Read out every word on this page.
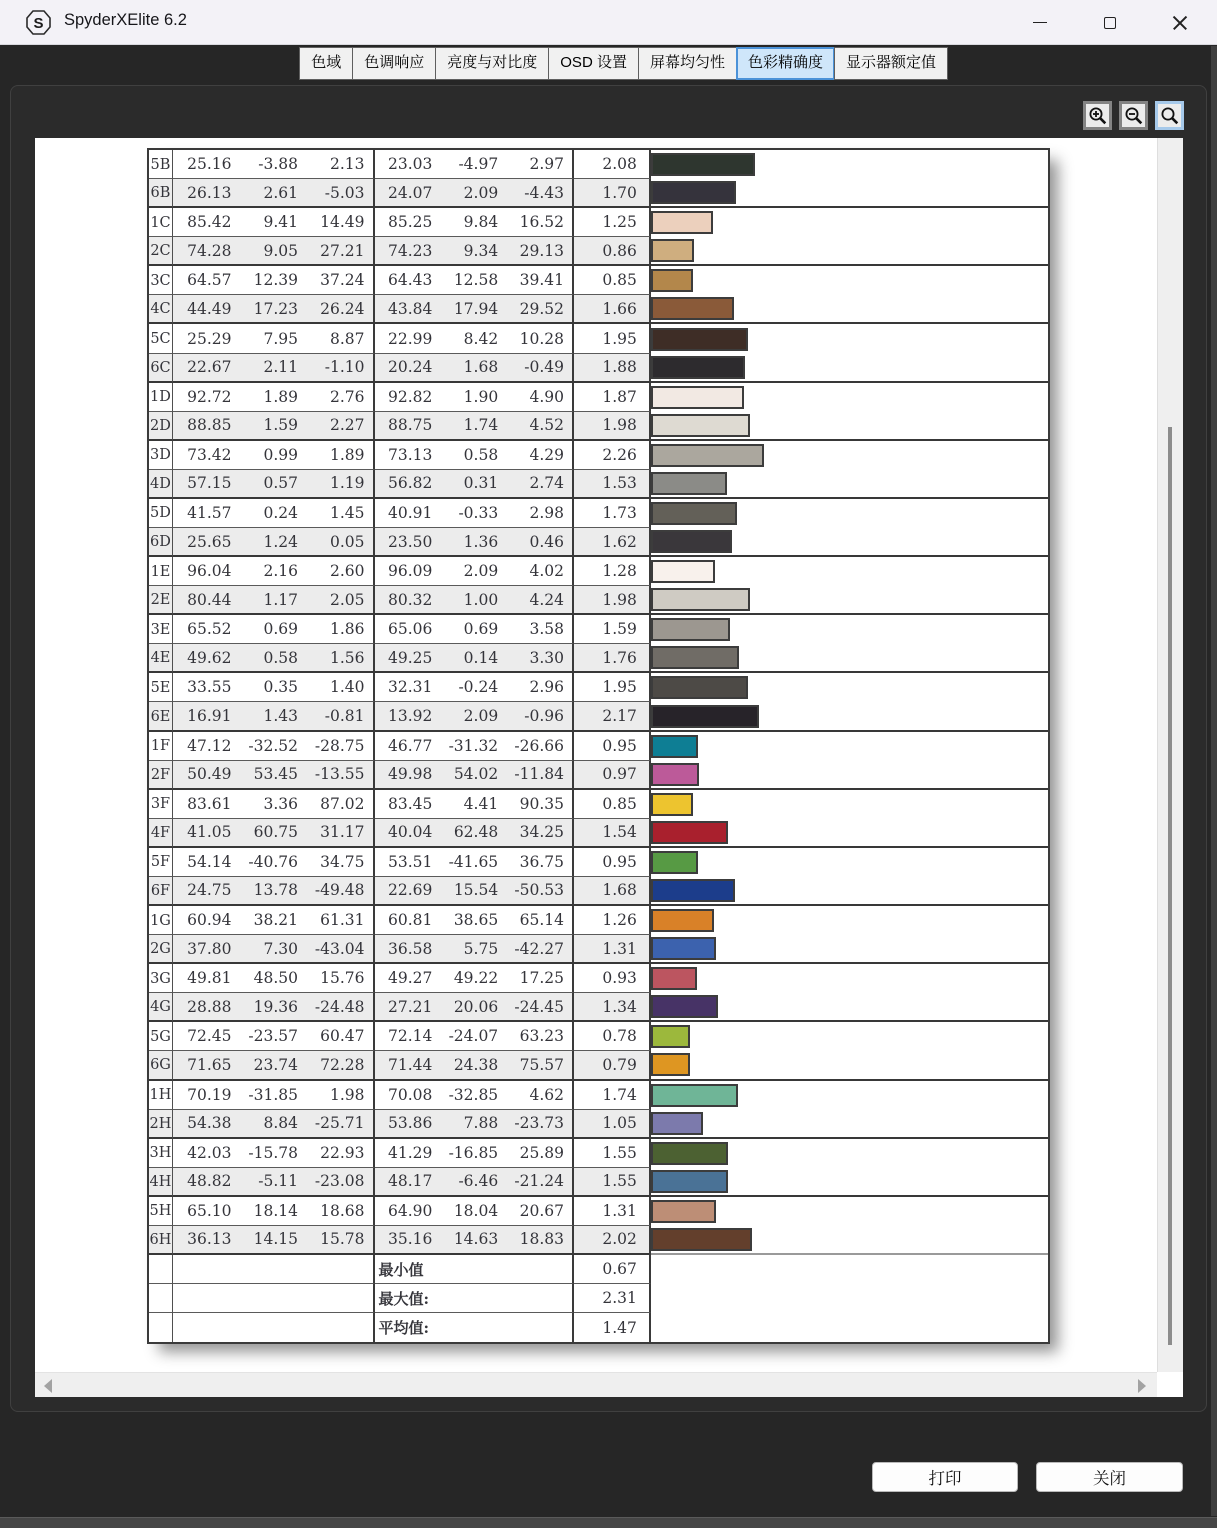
S SpyderXElite 6.2
色域	色调响应	亮度与对比度	OSD 设置	屏幕均匀性	色彩精确度	显示器额定值
5B	25.16	-3.88	2.13	23.03	-4.97	2.97	2.08
6B	26.13	2.61	-5.03	24.07	2.09	-4.43	1.70
1C	85.42	9.41	14.49	85.25	9.84	16.52	1.25
2C	74.28	9.05	27.21	74.23	9.34	29.13	0.86
3C	64.57	12.39	37.24	64.43	12.58	39.41	0.85
4C	44.49	17.23	26.24	43.84	17.94	29.52	1.66
5C	25.29	7.95	8.87	22.99	8.42	10.28	1.95
6C	22.67	2.11	-1.10	20.24	1.68	-0.49	1.88
1D	92.72	1.89	2.76	92.82	1.90	4.90	1.87
2D	88.85	1.59	2.27	88.75	1.74	4.52	1.98
3D	73.42	0.99	1.89	73.13	0.58	4.29	2.26
4D	57.15	0.57	1.19	56.82	0.31	2.74	1.53
5D	41.57	0.24	1.45	40.91	-0.33	2.98	1.73
6D	25.65	1.24	0.05	23.50	1.36	0.46	1.62
1E	96.04	2.16	2.60	96.09	2.09	4.02	1.28
2E	80.44	1.17	2.05	80.32	1.00	4.24	1.98
3E	65.52	0.69	1.86	65.06	0.69	3.58	1.59
4E	49.62	0.58	1.56	49.25	0.14	3.30	1.76
5E	33.55	0.35	1.40	32.31	-0.24	2.96	1.95
6E	16.91	1.43	-0.81	13.92	2.09	-0.96	2.17
1F	47.12	-32.52	-28.75	46.77	-31.32	-26.66	0.95
2F	50.49	53.45	-13.55	49.98	54.02	-11.84	0.97
3F	83.61	3.36	87.02	83.45	4.41	90.35	0.85
4F	41.05	60.75	31.17	40.04	62.48	34.25	1.54
5F	54.14	-40.76	34.75	53.51	-41.65	36.75	0.95
6F	24.75	13.78	-49.48	22.69	15.54	-50.53	1.68
1G	60.94	38.21	61.31	60.81	38.65	65.14	1.26
2G	37.80	7.30	-43.04	36.58	5.75	-42.27	1.31
3G	49.81	48.50	15.76	49.27	49.22	17.25	0.93
4G	28.88	19.36	-24.48	27.21	20.06	-24.45	1.34
5G	72.45	-23.57	60.47	72.14	-24.07	63.23	0.78
6G	71.65	23.74	72.28	71.44	24.38	75.57	0.79
1H	70.19	-31.85	1.98	70.08	-32.85	4.62	1.74
2H	54.38	8.84	-25.71	53.86	7.88	-23.73	1.05
3H	42.03	-15.78	22.93	41.29	-16.85	25.89	1.55
4H	48.82	-5.11	-23.08	48.17	-6.46	-21.24	1.55
5H	65.10	18.14	18.68	64.90	18.04	20.67	1.31
6H	36.13	14.15	15.78	35.16	14.63	18.83	2.02
最小值	0.67
最大值:	2.31
平均值:	1.47
打印	关闭
